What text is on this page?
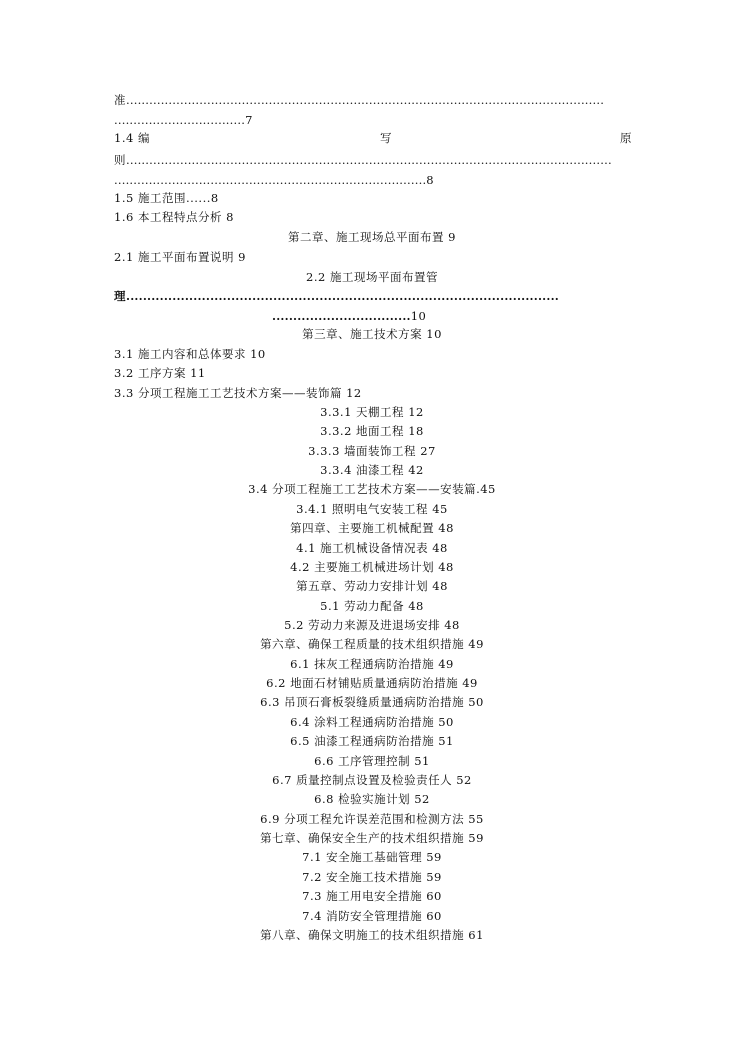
准............................................................................................................................
..................................7
1.4 编	写	原
则..............................................................................................................................
.................................................................................8
1.5 施工范围......8
1.6 本工程特点分析 8
第二章、施工现场总平面布置 9
2.1 施工平面布置说明 9
2.2 施工现场平面布置管
理.......................................................................................................
.................................10
第三章、施工技术方案 10
3.1 施工内容和总体要求 10
3.2 工序方案 11
3.3 分项工程施工工艺技术方案——装饰篇 12
3.3.1 天棚工程 12
3.3.2 地面工程 18
3.3.3 墙面装饰工程 27
3.3.4 油漆工程 42
3.4 分项工程施工工艺技术方案——安装篇.45
3.4.1 照明电气安装工程 45
第四章、主要施工机械配置 48
4.1 施工机械设备情况表 48
4.2 主要施工机械进场计划 48
第五章、劳动力安排计划 48
5.1 劳动力配备 48
5.2 劳动力来源及进退场安排 48
第六章、确保工程质量的技术组织措施 49
6.1 抹灰工程通病防治措施 49
6.2 地面石材铺贴质量通病防治措施 49
6.3 吊顶石膏板裂缝质量通病防治措施 50
6.4 涂料工程通病防治措施 50
6.5 油漆工程通病防治措施 51
6.6 工序管理控制 51
6.7 质量控制点设置及检验责任人 52
6.8 检验实施计划 52
6.9 分项工程允许误差范围和检测方法 55
第七章、确保安全生产的技术组织措施 59
7.1 安全施工基础管理 59
7.2 安全施工技术措施 59
7.3 施工用电安全措施 60
7.4 消防安全管理措施 60
第八章、确保文明施工的技术组织措施 61
